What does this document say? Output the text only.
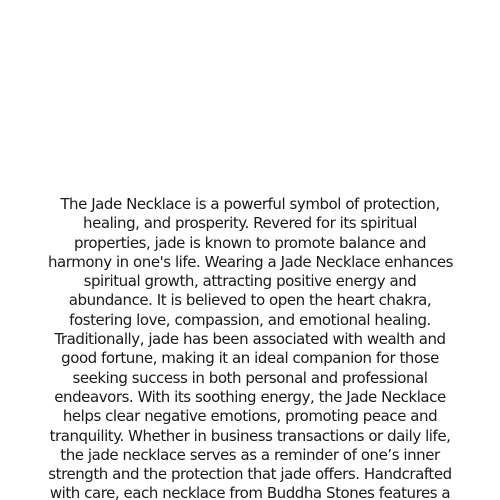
The Jade Necklace is a powerful symbol of protection,
healing, and prosperity. Revered for its spiritual
properties, jade is known to promote balance and
harmony in one's life. Wearing a Jade Necklace enhances
spiritual growth, attracting positive energy and
abundance. It is believed to open the heart chakra,
fostering love, compassion, and emotional healing.
Traditionally, jade has been associated with wealth and
good fortune, making it an ideal companion for those
seeking success in both personal and professional
endeavors. With its soothing energy, the Jade Necklace
helps clear negative emotions, promoting peace and
tranquility. Whether in business transactions or daily life,
the jade necklace serves as a reminder of one’s inner
strength and the protection that jade offers. Handcrafted
with care, each necklace from Buddha Stones features a
